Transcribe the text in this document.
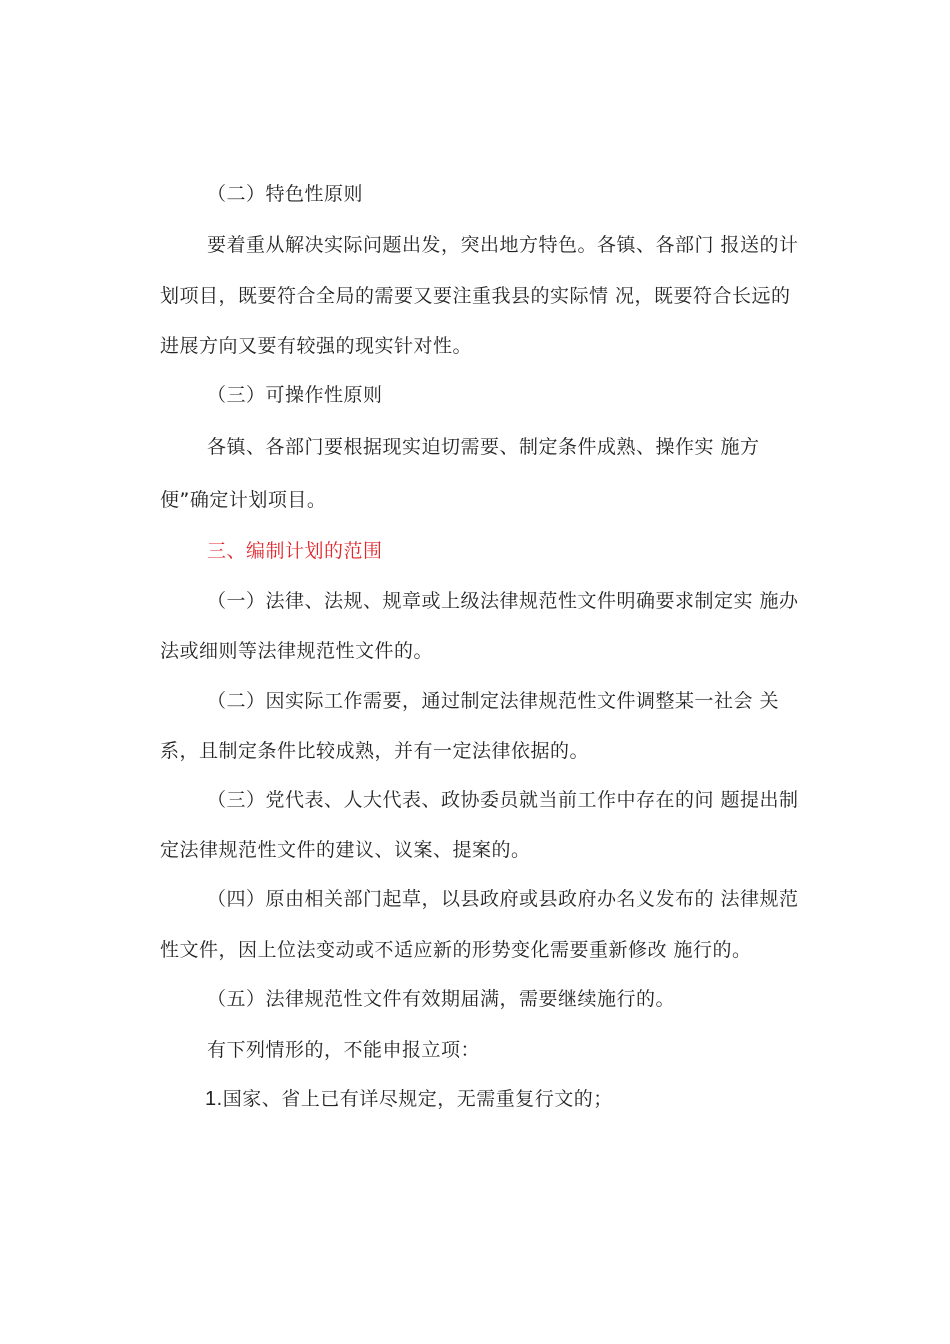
（二）特色性原则
要着重从解决实际问题出发，突出地方特色。各镇、各部门 报送的计
划项目，既要符合全局的需要又要注重我县的实际情 况，既要符合长远的
进展方向又要有较强的现实针对性。
（三）可操作性原则
各镇、各部门要根据现实迫切需要、制定条件成熟、操作实 施方
便”确定计划项目。
三、编制计划的范围
（一）法律、法规、规章或上级法律规范性文件明确要求制定实 施办
法或细则等法律规范性文件的。
（二）因实际工作需要，通过制定法律规范性文件调整某一社会 关
系，且制定条件比较成熟，并有一定法律依据的。
（三）党代表、人大代表、政协委员就当前工作中存在的问 题提出制
定法律规范性文件的建议、议案、提案的。
（四）原由相关部门起草，以县政府或县政府办名义发布的 法律规范
性文件，因上位法变动或不适应新的形势变化需要重新修改 施行的。
（五）法律规范性文件有效期届满，需要继续施行的。
有下列情形的，不能申报立项：
1.国家、省上已有详尽规定，无需重复行文的；
